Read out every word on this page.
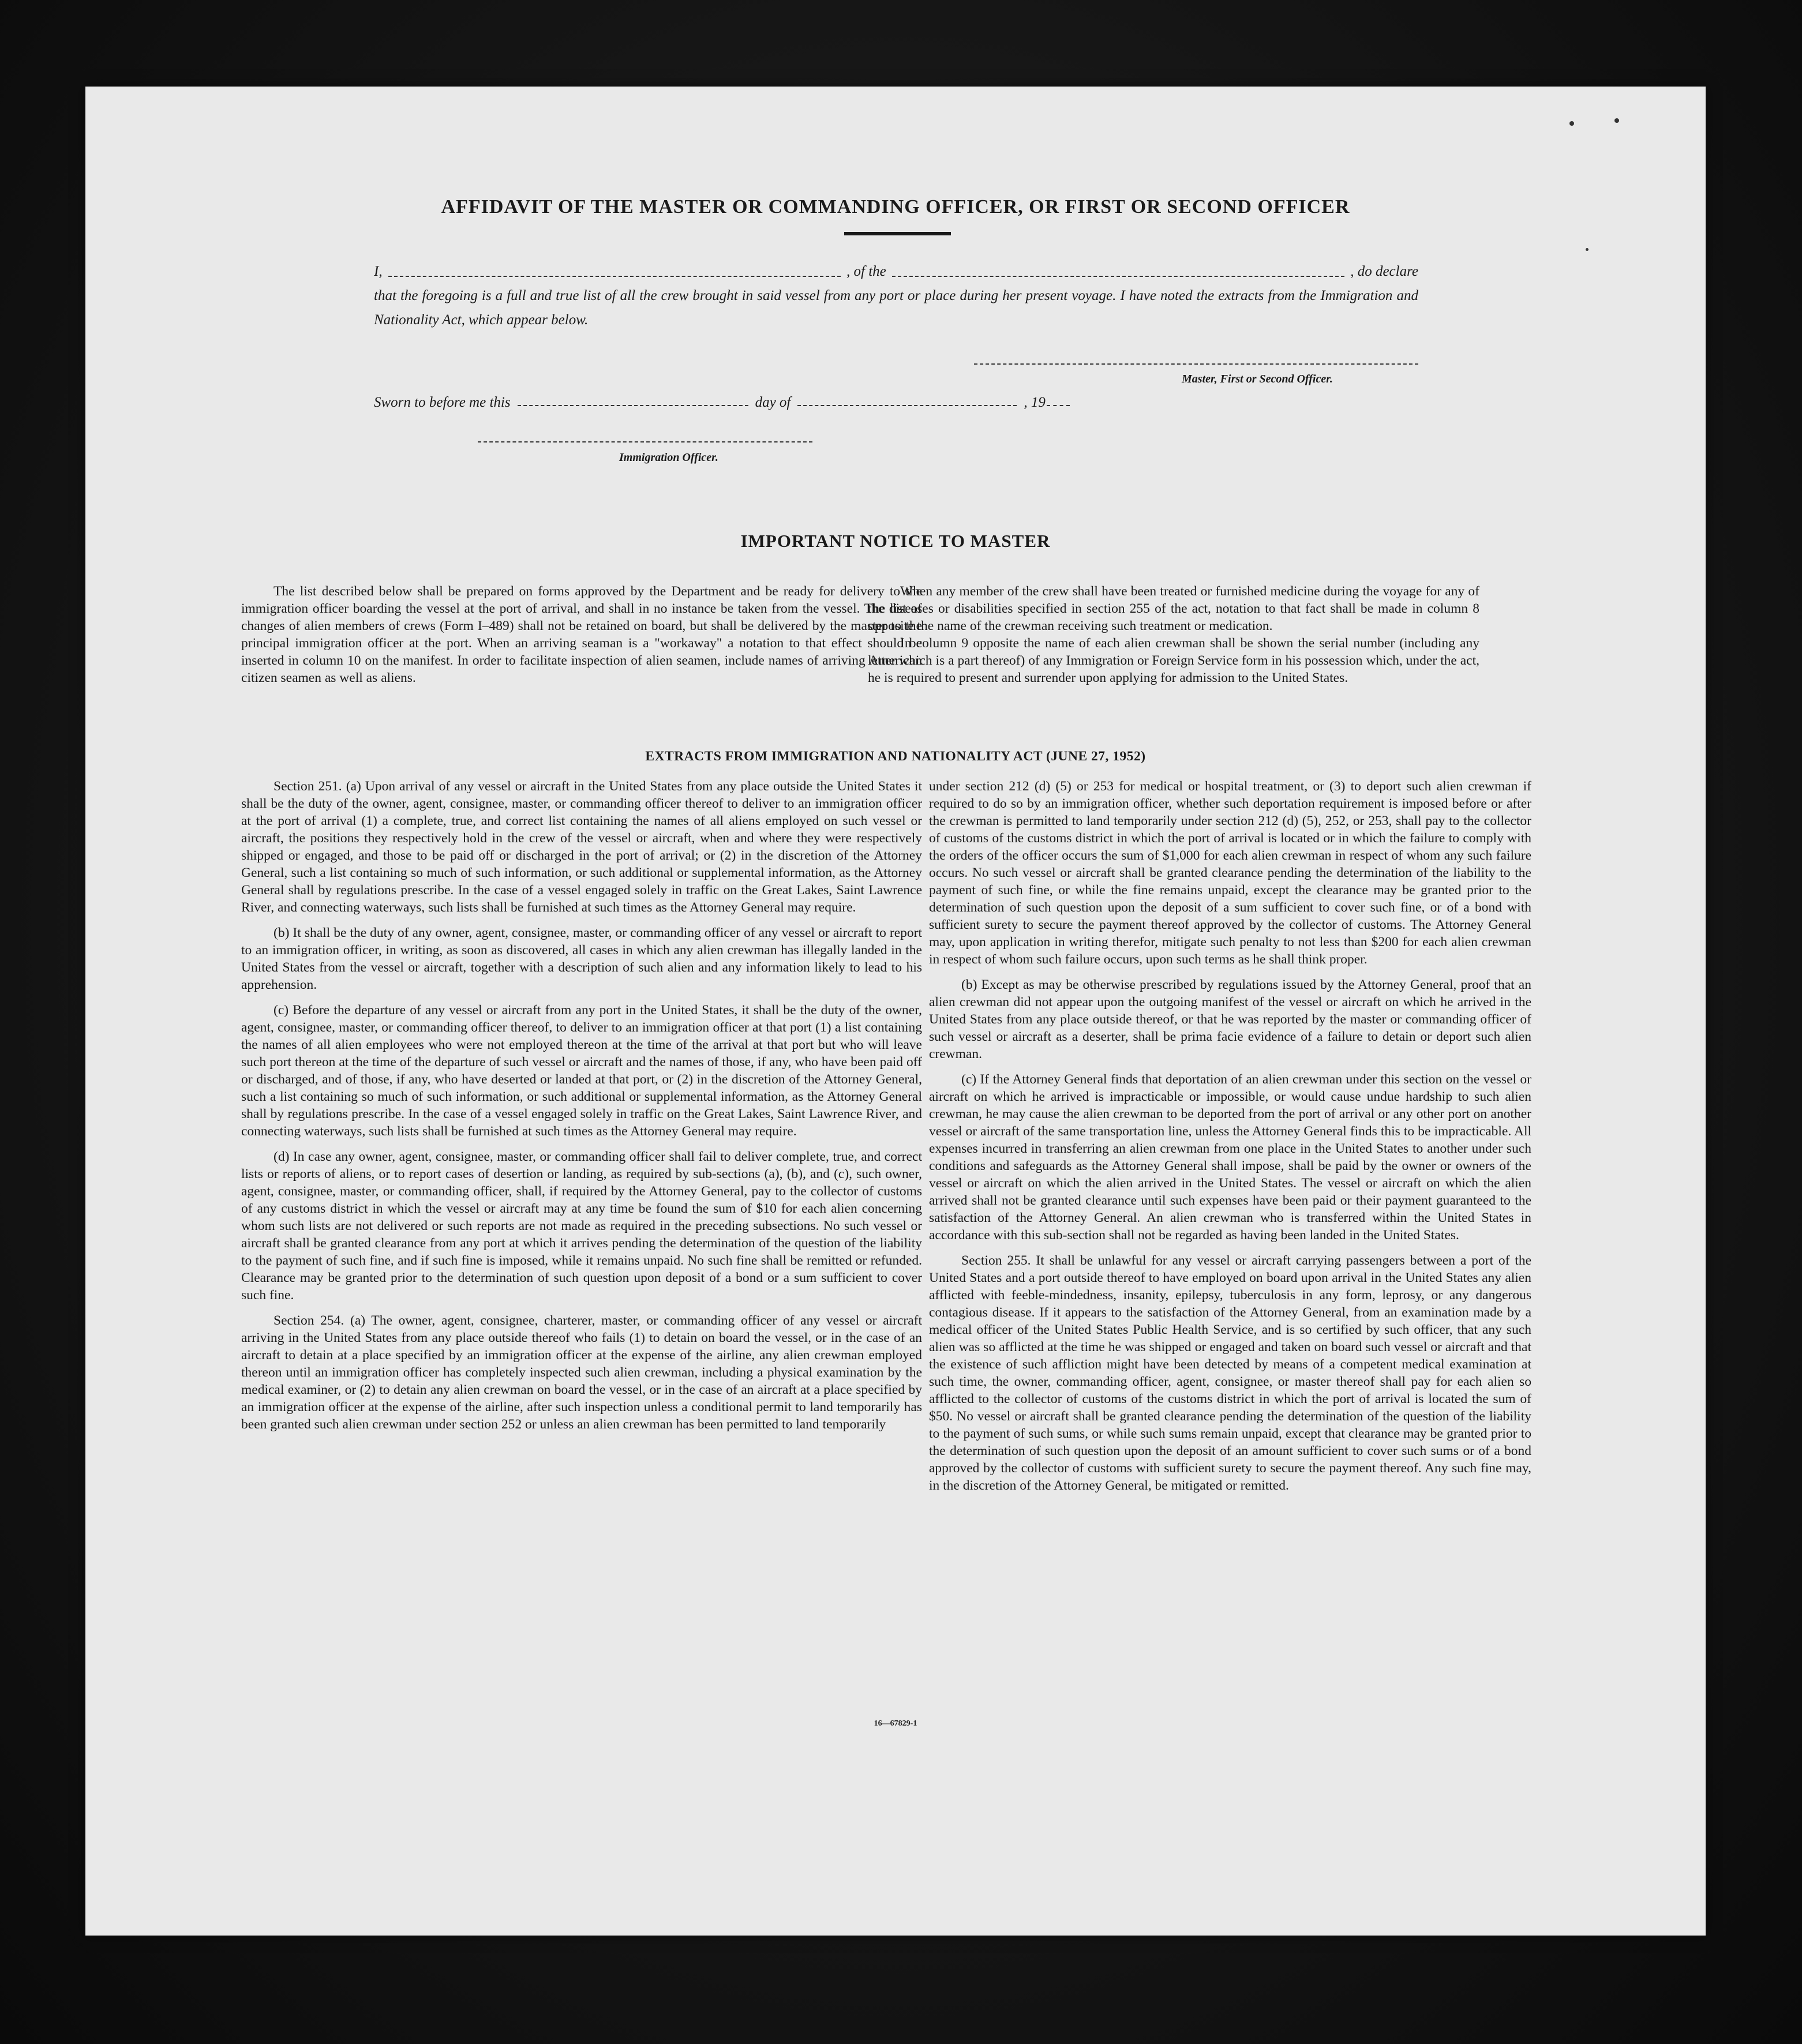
AFFIDAVIT OF THE MASTER OR COMMANDING OFFICER, OR FIRST OR SECOND OFFICER
I,	, of the	, do declare
that the foregoing is a full and true list of all the crew brought in said vessel from any port or place during her present voyage. I have noted the extracts from the Immigration and Nationality Act, which appear below.
Master, First or Second Officer.
Sworn to before me this	day of	, 19
Immigration Officer.
IMPORTANT NOTICE TO MASTER

The list described below shall be prepared on forms approved by the Department and be ready for delivery to the immigration officer boarding the vessel at the port of arrival, and shall in no instance be taken from the vessel. The list of changes of alien members of crews (Form I–489) shall not be retained on board, but shall be delivered by the master to the principal immigration officer at the port. When an arriving seaman is a "workaway" a notation to that effect should be inserted in column 10 on the manifest. In order to facilitate inspection of alien seamen, include names of arriving American citizen seamen as well as aliens.

When any member of the crew shall have been treated or furnished medicine during the voyage for any of the diseases or disabilities specified in section 255 of the act, notation to that fact shall be made in column 8 opposite the name of the crewman receiving such treatment or medication.

In column 9 opposite the name of each alien crewman shall be shown the serial number (including any letter which is a part thereof) of any Immigration or Foreign Service form in his possession which, under the act, he is required to present and surrender upon applying for admission to the United States.

EXTRACTS FROM IMMIGRATION AND NATIONALITY ACT (JUNE 27, 1952)

Section 251. (a) Upon arrival of any vessel or aircraft in the United States from any place outside the United States it shall be the duty of the owner, agent, consignee, master, or commanding officer thereof to deliver to an immigration officer at the port of arrival (1) a complete, true, and correct list containing the names of all aliens employed on such vessel or aircraft, the positions they respectively hold in the crew of the vessel or aircraft, when and where they were respectively shipped or engaged, and those to be paid off or discharged in the port of arrival; or (2) in the discretion of the Attorney General, such a list containing so much of such information, or such additional or supplemental information, as the Attorney General shall by regulations prescribe. In the case of a vessel engaged solely in traffic on the Great Lakes, Saint Lawrence River, and connecting waterways, such lists shall be furnished at such times as the Attorney General may require.

(b) It shall be the duty of any owner, agent, consignee, master, or commanding officer of any vessel or aircraft to report to an immigration officer, in writing, as soon as discovered, all cases in which any alien crewman has illegally landed in the United States from the vessel or aircraft, together with a description of such alien and any information likely to lead to his apprehension.

(c) Before the departure of any vessel or aircraft from any port in the United States, it shall be the duty of the owner, agent, consignee, master, or commanding officer thereof, to deliver to an immigration officer at that port (1) a list containing the names of all alien employees who were not employed thereon at the time of the arrival at that port but who will leave such port thereon at the time of the departure of such vessel or aircraft and the names of those, if any, who have been paid off or discharged, and of those, if any, who have deserted or landed at that port, or (2) in the discretion of the Attorney General, such a list containing so much of such information, or such additional or supplemental information, as the Attorney General shall by regulations prescribe. In the case of a vessel engaged solely in traffic on the Great Lakes, Saint Lawrence River, and connecting waterways, such lists shall be furnished at such times as the Attorney General may require.

(d) In case any owner, agent, consignee, master, or commanding officer shall fail to deliver complete, true, and correct lists or reports of aliens, or to report cases of desertion or landing, as required by sub-sections (a), (b), and (c), such owner, agent, consignee, master, or commanding officer, shall, if required by the Attorney General, pay to the collector of customs of any customs district in which the vessel or aircraft may at any time be found the sum of $10 for each alien concerning whom such lists are not delivered or such reports are not made as required in the preceding subsections. No such vessel or aircraft shall be granted clearance from any port at which it arrives pending the determination of the question of the liability to the payment of such fine, and if such fine is imposed, while it remains unpaid. No such fine shall be remitted or refunded. Clearance may be granted prior to the determination of such question upon deposit of a bond or a sum sufficient to cover such fine.

Section 254. (a) The owner, agent, consignee, charterer, master, or commanding officer of any vessel or aircraft arriving in the United States from any place outside thereof who fails (1) to detain on board the vessel, or in the case of an aircraft to detain at a place specified by an immigration officer at the expense of the airline, any alien crewman employed thereon until an immigration officer has completely inspected such alien crewman, including a physical examination by the medical examiner, or (2) to detain any alien crewman on board the vessel, or in the case of an aircraft at a place specified by an immigration officer at the expense of the airline, after such inspection unless a conditional permit to land temporarily has been granted such alien crewman under section 252 or unless an alien crewman has been permitted to land temporarily

under section 212 (d) (5) or 253 for medical or hospital treatment, or (3) to deport such alien crewman if required to do so by an immigration officer, whether such deportation requirement is imposed before or after the crewman is permitted to land temporarily under section 212 (d) (5), 252, or 253, shall pay to the collector of customs of the customs district in which the port of arrival is located or in which the failure to comply with the orders of the officer occurs the sum of $1,000 for each alien crewman in respect of whom any such failure occurs. No such vessel or aircraft shall be granted clearance pending the determination of the liability to the payment of such fine, or while the fine remains unpaid, except the clearance may be granted prior to the determination of such question upon the deposit of a sum sufficient to cover such fine, or of a bond with sufficient surety to secure the payment thereof approved by the collector of customs. The Attorney General may, upon application in writing therefor, mitigate such penalty to not less than $200 for each alien crewman in respect of whom such failure occurs, upon such terms as he shall think proper.

(b) Except as may be otherwise prescribed by regulations issued by the Attorney General, proof that an alien crewman did not appear upon the outgoing manifest of the vessel or aircraft on which he arrived in the United States from any place outside thereof, or that he was reported by the master or commanding officer of such vessel or aircraft as a deserter, shall be prima facie evidence of a failure to detain or deport such alien crewman.

(c) If the Attorney General finds that deportation of an alien crewman under this section on the vessel or aircraft on which he arrived is impracticable or impossible, or would cause undue hardship to such alien crewman, he may cause the alien crewman to be deported from the port of arrival or any other port on another vessel or aircraft of the same transportation line, unless the Attorney General finds this to be impracticable. All expenses incurred in transferring an alien crewman from one place in the United States to another under such conditions and safeguards as the Attorney General shall impose, shall be paid by the owner or owners of the vessel or aircraft on which the alien arrived in the United States. The vessel or aircraft on which the alien arrived shall not be granted clearance until such expenses have been paid or their payment guaranteed to the satisfaction of the Attorney General. An alien crewman who is transferred within the United States in accordance with this sub-section shall not be regarded as having been landed in the United States.

Section 255. It shall be unlawful for any vessel or aircraft carrying passengers between a port of the United States and a port outside thereof to have employed on board upon arrival in the United States any alien afflicted with feeble-mindedness, insanity, epilepsy, tuberculosis in any form, leprosy, or any dangerous contagious disease. If it appears to the satisfaction of the Attorney General, from an examination made by a medical officer of the United States Public Health Service, and is so certified by such officer, that any such alien was so afflicted at the time he was shipped or engaged and taken on board such vessel or aircraft and that the existence of such affliction might have been detected by means of a competent medical examination at such time, the owner, commanding officer, agent, consignee, or master thereof shall pay for each alien so afflicted to the collector of customs of the customs district in which the port of arrival is located the sum of $50. No vessel or aircraft shall be granted clearance pending the determination of the question of the liability to the payment of such sums, or while such sums remain unpaid, except that clearance may be granted prior to the determination of such question upon the deposit of an amount sufficient to cover such sums or of a bond approved by the collector of customs with sufficient surety to secure the payment thereof. Any such fine may, in the discretion of the Attorney General, be mitigated or remitted.

16—67829-1
